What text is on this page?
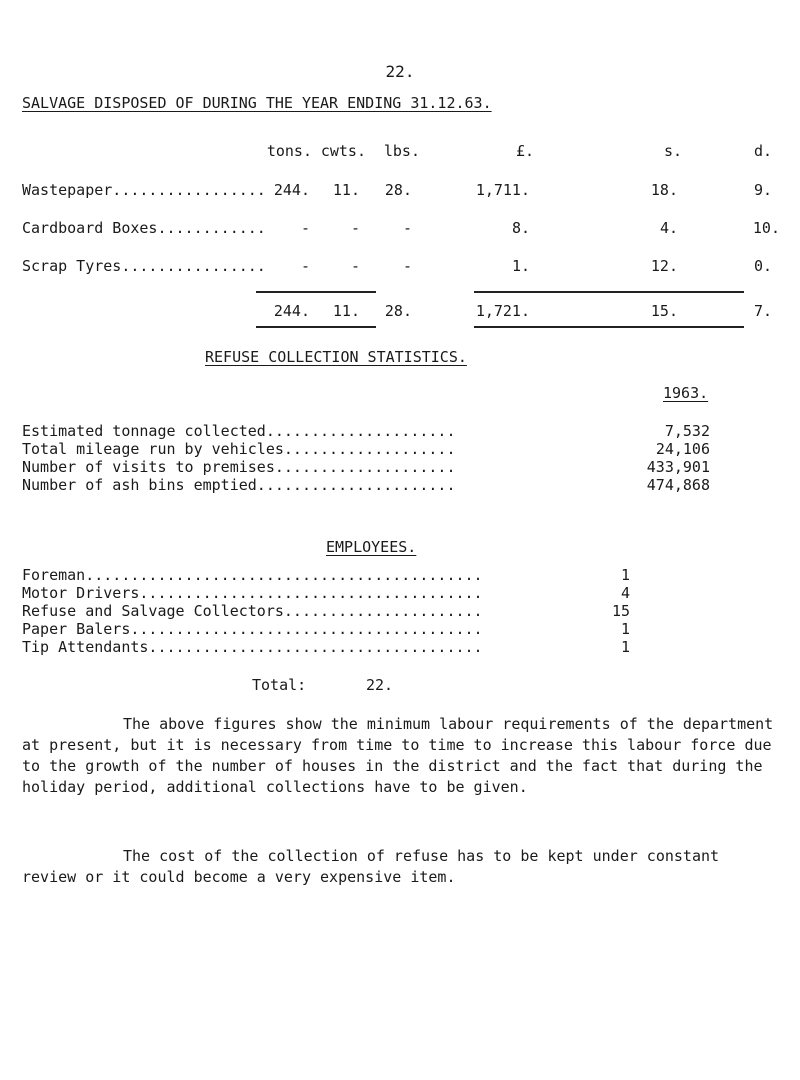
22.
SALVAGE DISPOSED OF DURING THE YEAR ENDING 31.12.63.
tons. cwts.	lbs.	£.	s.	d.
Wastepaper................. 244.	11.	28.	1,711.	18.	9.
Cardboard Boxes............	-	-	-	8.	4.	10.
Scrap Tyres................	-	-	-	1.	12.	0.
244.	11.	28.	1,721.	15.	7.
REFUSE COLLECTION STATISTICS.
1963.
Estimated tonnage collected.....................	7,532
Total mileage run by vehicles...................	24,106
Number of visits to premises....................	433,901
Number of ash bins emptied......................	474,868
EMPLOYEES.
Foreman............................................	1
Motor Drivers......................................	4
Refuse and Salvage Collectors......................	15
Paper Balers.......................................	1
Tip Attendants.....................................	1
Total:	22.

The above figures show the minimum labour requirements of the department at present, but it is necessary from time to time to increase this labour force due to the growth of the number of houses in the district and the fact that during the holiday period, additional collections have to be given.

The cost of the collection of refuse has to be kept under constant review or it could become a very expensive item.
